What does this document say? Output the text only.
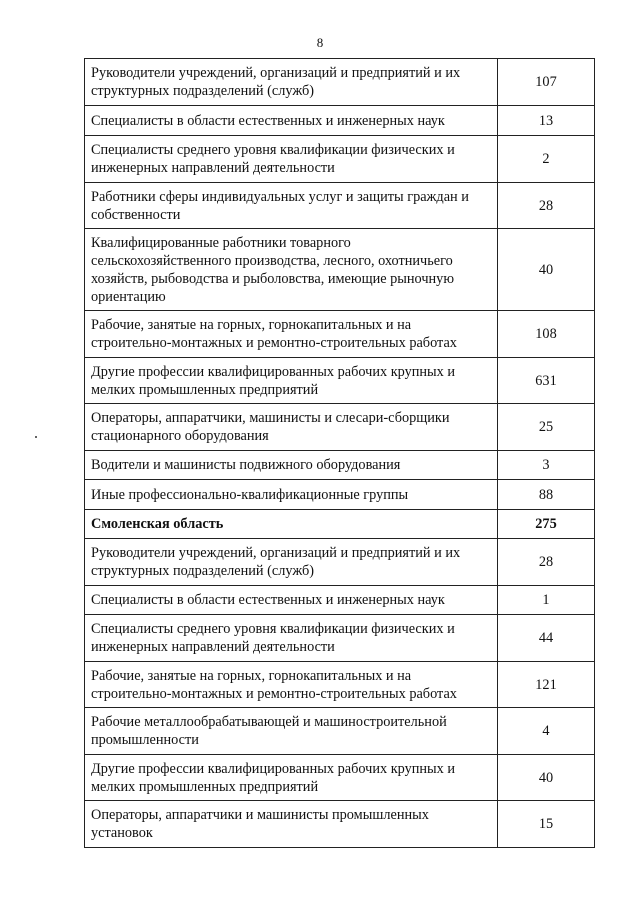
8
Руководители учреждений, организаций и предприятий и их структурных подразделений (служб)	107
Специалисты в области естественных и инженерных наук	13
Специалисты среднего уровня квалификации физических и инженерных направлений деятельности	2
Работники сферы индивидуальных услуг и защиты граждан и собственности	28
Квалифицированные работники товарного сельскохозяйственного производства, лесного, охотничьего хозяйств, рыбоводства и рыболовства, имеющие рыночную ориентацию	40
Рабочие, занятые на горных, горнокапитальных и на строительно-монтажных и ремонтно-строительных работах	108
Другие профессии квалифицированных рабочих крупных и мелких промышленных предприятий	631
Операторы, аппаратчики, машинисты и слесари-сборщики стационарного оборудования	25
Водители и машинисты подвижного оборудования	3
Иные профессионально-квалификационные группы	88
Смоленская область	275
Руководители учреждений, организаций и предприятий и их структурных подразделений (служб)	28
Специалисты в области естественных и инженерных наук	1
Специалисты среднего уровня квалификации физических и инженерных направлений деятельности	44
Рабочие, занятые на горных, горнокапитальных и на строительно-монтажных и ремонтно-строительных работах	121
Рабочие металлообрабатывающей и машиностроительной промышленности	4
Другие профессии квалифицированных рабочих крупных и мелких промышленных предприятий	40
Операторы, аппаратчики и машинисты промышленных установок	15
